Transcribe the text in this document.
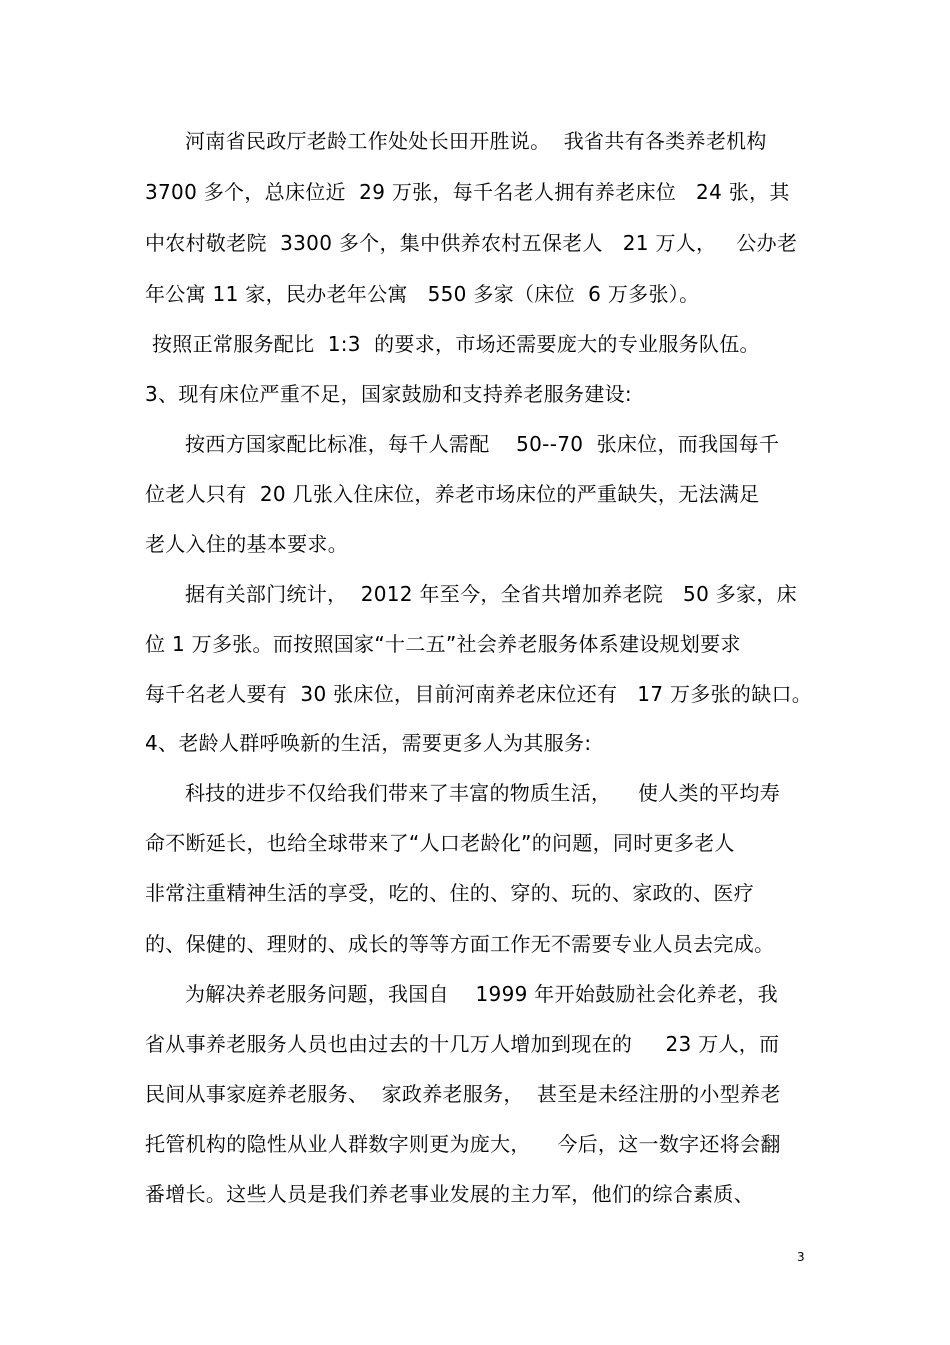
河南省民政厅老龄工作处处长田开胜说。  我省共有各类养老机构
3700 多个，总床位近  29 万张，每千名老人拥有养老床位   24 张，其
中农村敬老院  3300 多个，集中供养农村五保老人   21 万人，   公办老
年公寓 11 家，民办老年公寓   550 多家（床位  6 万多张）。
按照正常服务配比  1:3  的要求，市场还需要庞大的专业服务队伍。
3、现有床位严重不足，国家鼓励和支持养老服务建设:
按西方国家配比标准，每千人需配    50--70  张床位，而我国每千
位老人只有  20 几张入住床位，养老市场床位的严重缺失，无法满足
老人入住的基本要求。
据有关部门统计，  2012 年至今，全省共增加养老院   50 多家，床
位 1 万多张。而按照国家“十二五”社会养老服务体系建设规划要求
每千名老人要有  30 张床位，目前河南养老床位还有   17 万多张的缺口。
4、老龄人群呼唤新的生活，需要更多人为其服务:
科技的进步不仅给我们带来了丰富的物质生活，    使人类的平均寿
命不断延长，也给全球带来了“人口老龄化”的问题，同时更多老人
非常注重精神生活的享受，吃的、住的、穿的、玩的、家政的、医疗
的、保健的、理财的、成长的等等方面工作无不需要专业人员去完成。
为解决养老服务问题，我国自    1999 年开始鼓励社会化养老，我
省从事养老服务人员也由过去的十几万人增加到现在的     23 万人，而
民间从事家庭养老服务、  家政养老服务，  甚至是未经注册的小型养老
托管机构的隐性从业人群数字则更为庞大，    今后，这一数字还将会翻
番增长。这些人员是我们养老事业发展的主力军，他们的综合素质、
3
